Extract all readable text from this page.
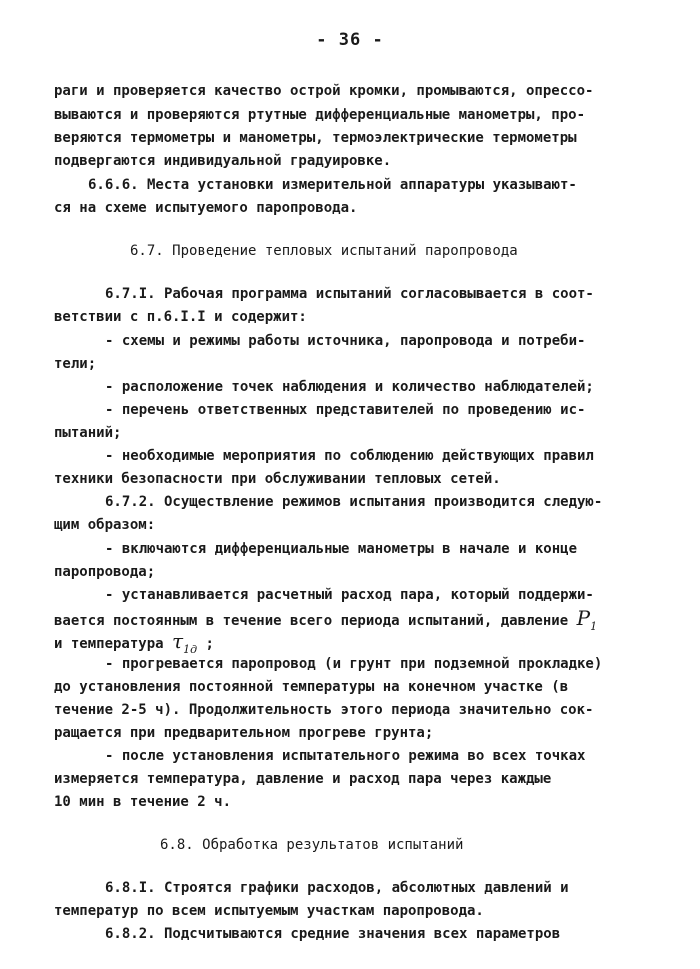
- 36 -
раги и проверяется качество острой кромки, промываются, опрессо-
вываются и проверяются ртутные дифференциальные манометры, про-
веряются термометры и манометры, термоэлектрические термометры
подвергаются индивидуальной градуировке.
6.6.6. Места установки измерительной аппаратуры указывают-
ся на схеме испытуемого паропровода.
6.7. Проведение тепловых испытаний паропровода
6.7.I. Рабочая программа испытаний согласовывается в соот-
ветствии с п.6.I.I и содержит:
- схемы и режимы работы источника, паропровода и потреби-
тели;
- расположение точек наблюдения и количество наблюдателей;
- перечень ответственных представителей по проведению ис-
пытаний;
- необходимые мероприятия по соблюдению действующих правил
техники безопасности при обслуживании тепловых сетей.
6.7.2. Осуществление режимов испытания производится следую-
щим образом:
- включаются дифференциальные манометры в начале и конце
паропровода;
- устанавливается расчетный расход пара, который поддержи-
вается постоянным в течение всего периода испытаний, давление $P_1$
и температура $\tau_{1д}$ ;
- прогревается паропровод (и грунт при подземной прокладке)
до установления постоянной температуры на конечном участке (в
течение 2-5 ч). Продолжительность этого периода значительно сок-
ращается при предварительном прогреве грунта;
- после установления испытательного режима во всех точках
измеряется температура, давление и расход пара через каждые
10 мин в течение 2 ч.
6.8. Обработка результатов испытаний
6.8.I. Строятся графики расходов, абсолютных давлений и
температур по всем испытуемым участкам паропровода.
6.8.2. Подсчитываются средние значения всех параметров
